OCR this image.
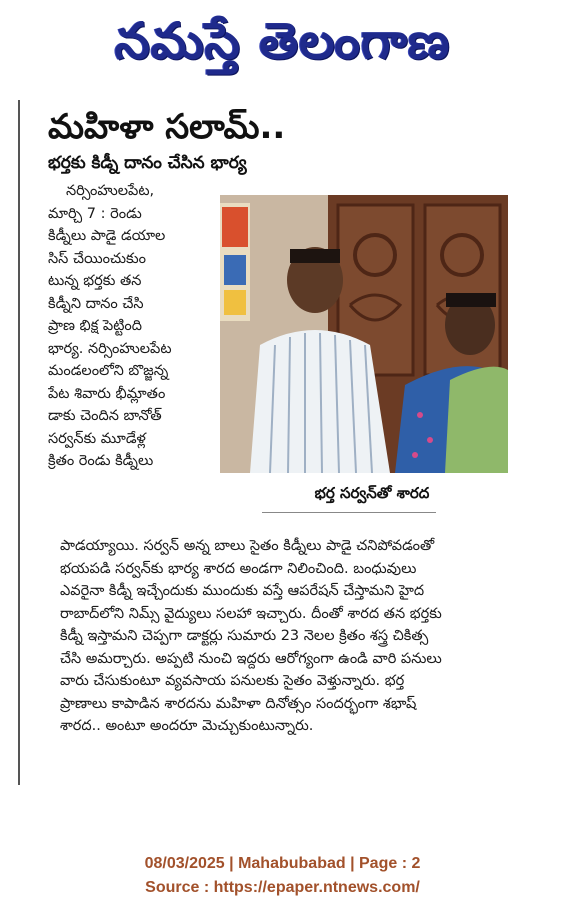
నమస్తే తెలంగాణ
మహిళా సలామ్..
భర్తకు కిడ్నీ దానం చేసిన భార్య
నర్సింహులపేట,
మార్చి 7 : రెండు
కిడ్నీలు పాడై డయాల
సిస్ చేయించుకుం
టున్న భర్తకు తన
కిడ్నీని దానం చేసి
ప్రాణ భిక్ష పెట్టింది
భార్య. నర్సింహులపేట
మండలంలోని బొజ్జన్న
పేట శివారు భీమ్లాతం
డాకు చెందిన బానోత్
సర్వన్‌కు మూడేళ్ల
క్రితం రెండు కిడ్నీలు
భర్త సర్వన్‌తో శారద
పాడయ్యాయి. సర్వన్ అన్న బాలు సైతం కిడ్నీలు పాడై చనిపోవడంతో
భయపడి సర్వన్‌కు భార్య శారద అండగా నిలించింది. బంధువులు
ఎవరైనా కిడ్నీ ఇచ్చేందుకు ముందుకు వస్తే ఆపరేషన్ చేస్తామని హైద
రాబాద్‌లోని నిమ్స్ వైద్యులు సలహా ఇచ్చారు. దీంతో శారద తన భర్తకు
కిడ్నీ ఇస్తామని చెప్పగా డాక్టర్లు సుమారు 23 నెలల క్రితం శస్త్ర చికిత్స
చేసి అమర్చారు. అప్పటి నుంచి ఇద్దరు ఆరోగ్యంగా ఉండి వారి పనులు
వారు చేసుకుంటూ వ్యవసాయ పనులకు సైతం వెళ్తున్నారు. భర్త
ప్రాణాలు కాపాడిన శారదను మహిళా దినోత్సం సందర్భంగా శభాష్
శారద.. అంటూ అందరూ మెచ్చుకుంటున్నారు.
08/03/2025 | Mahabubabad | Page : 2
Source : https://epaper.ntnews.com/
